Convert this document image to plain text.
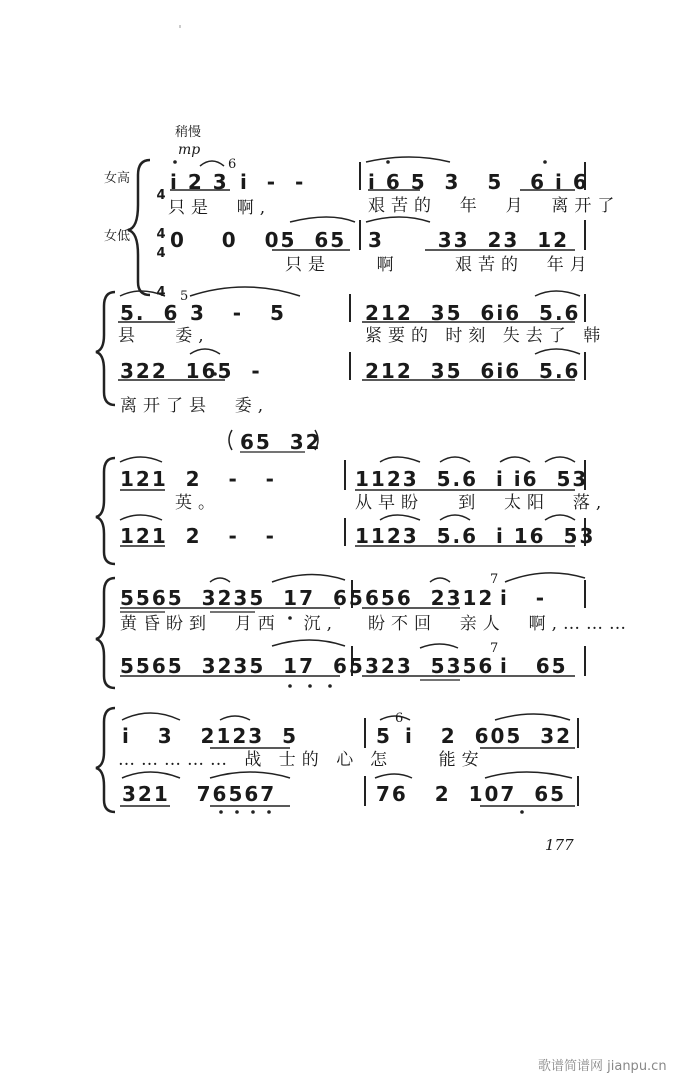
稍慢
mp
女高
女低

4

4

4

4

i 2 3
6
i  -  -	i 6 5  3   5   6 i 6
只是  啊,	艰苦的  年  月  离开了
0    0   05  65 3      33  23  12
只是    啊	艰苦的  年月
5.  6
5
3   -   5	212  35  6i6  5.6
县   委,	紧要的 时刻 失去了 韩
322  165  -	212  35  6i6  5.6
离开了县  委,
65  32
121  2   -   -	1123  5.6  i i6  53
英。	从早盼   到  太阳  落,
121  2   -   -	1123  5.6  i 16  53
5565  3235  17  65 656  2312
7
i   -
黄昏盼到  月西  沉, 盼不回  亲人  啊,………
5565  3235  17  65 323  5356
7
i   65
i   3   2123  5	5
6
i   2  605  32
…………… 战 士的 心 怎    能安
321   76567	76   2  107  65
177
歌谱简谱网 jianpu.cn
